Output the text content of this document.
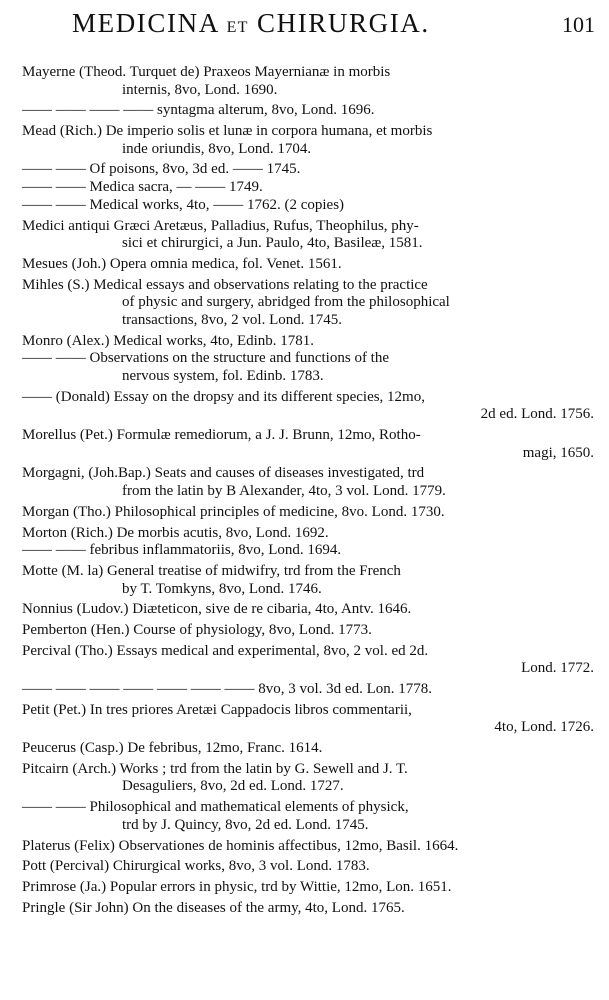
MEDICINA ET CHIRURGIA.	101
Mayerne (Theod. Turquet de) Praxeos Mayernianæ in morbis
internis, 8vo, Lond. 1690.
—— —— —— —— syntagma alterum, 8vo, Lond. 1696.
Mead (Rich.) De imperio solis et lunæ in corpora humana, et morbis
inde oriundis, 8vo, Lond. 1704.
—— —— Of poisons, 8vo, 3d ed. —— 1745.
—— —— Medica sacra, — —— 1749.
—— —— Medical works, 4to, —— 1762. (2 copies)
Medici antiqui Græci Aretæus, Palladius, Rufus, Theophilus, phy-
sici et chirurgici, a Jun. Paulo, 4to, Basileæ, 1581.
Mesues (Joh.) Opera omnia medica, fol. Venet. 1561.
Mihles (S.) Medical essays and observations relating to the practice
of physic and surgery, abridged from the philosophical
transactions, 8vo, 2 vol. Lond. 1745.
Monro (Alex.) Medical works, 4to, Edinb. 1781.
—— —— Observations on the structure and functions of the
nervous system, fol. Edinb. 1783.
—— (Donald) Essay on the dropsy and its different species, 12mo,
2d ed. Lond. 1756.
Morellus (Pet.) Formulæ remediorum, a J. J. Brunn, 12mo, Rotho-
magi, 1650.
Morgagni, (Joh.Bap.) Seats and causes of diseases investigated, trd
from the latin by B Alexander, 4to, 3 vol. Lond. 1779.
Morgan (Tho.) Philosophical principles of medicine, 8vo. Lond. 1730.
Morton (Rich.) De morbis acutis, 8vo, Lond. 1692.
—— —— febribus inflammatoriis, 8vo, Lond. 1694.
Motte (M. la) General treatise of midwifry, trd from the French
by T. Tomkyns, 8vo, Lond. 1746.
Nonnius (Ludov.) Diæteticon, sive de re cibaria, 4to, Antv. 1646.
Pemberton (Hen.) Course of physiology, 8vo, Lond. 1773.
Percival (Tho.) Essays medical and experimental, 8vo, 2 vol. ed 2d.
Lond. 1772.
—— —— —— —— —— —— —— 8vo, 3 vol. 3d ed. Lon. 1778.
Petit (Pet.) In tres priores Aretæi Cappadocis libros commentarii,
4to, Lond. 1726.
Peucerus (Casp.) De febribus, 12mo, Franc. 1614.
Pitcairn (Arch.) Works ; trd from the latin by G. Sewell and J. T.
Desaguliers, 8vo, 2d ed. Lond. 1727.
—— —— Philosophical and mathematical elements of physick,
trd by J. Quincy, 8vo, 2d ed. Lond. 1745.
Platerus (Felix) Observationes de hominis affectibus, 12mo, Basil. 1664.
Pott (Percival) Chirurgical works, 8vo, 3 vol. Lond. 1783.
Primrose (Ja.) Popular errors in physic, trd by Wittie, 12mo, Lon. 1651.
Pringle (Sir John) On the diseases of the army, 4to, Lond. 1765.
